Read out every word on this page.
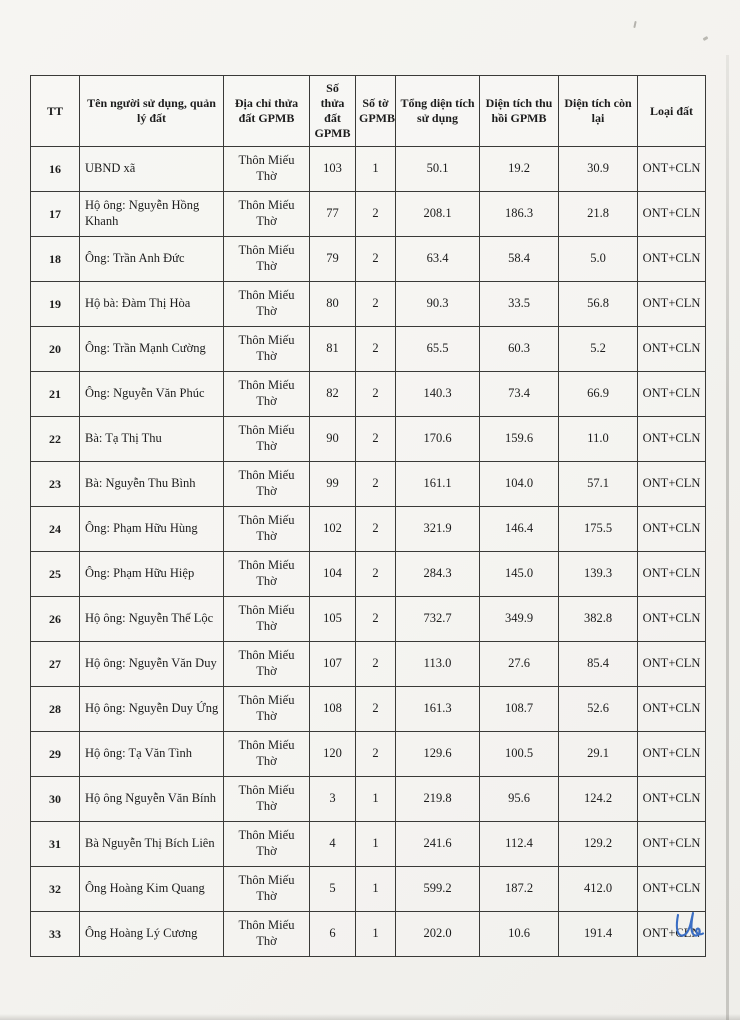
TT	Tên người sử dụng, quản lý đất	Địa chỉ thửa đất GPMB	Số thửa đất GPMB	Số tờ GPMB	Tổng diện tích sử dụng	Diện tích thu hồi GPMB	Diện tích còn lại	Loại đất
16	UBND xã	Thôn Miếu Thờ	103	1	50.1	19.2	30.9	ONT+CLN
17	Hộ ông: Nguyễn Hồng Khanh	Thôn Miếu Thờ	77	2	208.1	186.3	21.8	ONT+CLN
18	Ông: Trần Anh Đức	Thôn Miếu Thờ	79	2	63.4	58.4	5.0	ONT+CLN
19	Hộ bà: Đàm Thị Hòa	Thôn Miếu Thờ	80	2	90.3	33.5	56.8	ONT+CLN
20	Ông: Trần Mạnh Cường	Thôn Miếu Thờ	81	2	65.5	60.3	5.2	ONT+CLN
21	Ông: Nguyễn Văn Phúc	Thôn Miếu Thờ	82	2	140.3	73.4	66.9	ONT+CLN
22	Bà: Tạ Thị Thu	Thôn Miếu Thờ	90	2	170.6	159.6	11.0	ONT+CLN
23	Bà: Nguyễn Thu Bình	Thôn Miếu Thờ	99	2	161.1	104.0	57.1	ONT+CLN
24	Ông: Phạm Hữu Hùng	Thôn Miếu Thờ	102	2	321.9	146.4	175.5	ONT+CLN
25	Ông: Phạm Hữu Hiệp	Thôn Miếu Thờ	104	2	284.3	145.0	139.3	ONT+CLN
26	Hộ ông: Nguyễn Thế Lộc	Thôn Miếu Thờ	105	2	732.7	349.9	382.8	ONT+CLN
27	Hộ ông: Nguyễn Văn Duy	Thôn Miếu Thờ	107	2	113.0	27.6	85.4	ONT+CLN
28	Hộ ông: Nguyễn Duy Ứng	Thôn Miếu Thờ	108	2	161.3	108.7	52.6	ONT+CLN
29	Hộ ông: Tạ Văn Tình	Thôn Miếu Thờ	120	2	129.6	100.5	29.1	ONT+CLN
30	Hộ ông Nguyễn Văn Bính	Thôn Miếu Thờ	3	1	219.8	95.6	124.2	ONT+CLN
31	Bà Nguyễn Thị Bích Liên	Thôn Miếu Thờ	4	1	241.6	112.4	129.2	ONT+CLN
32	Ông Hoàng Kim Quang	Thôn Miếu Thờ	5	1	599.2	187.2	412.0	ONT+CLN
33	Ông Hoàng Lý Cương	Thôn Miếu Thờ	6	1	202.0	10.6	191.4	ONT+CLN
